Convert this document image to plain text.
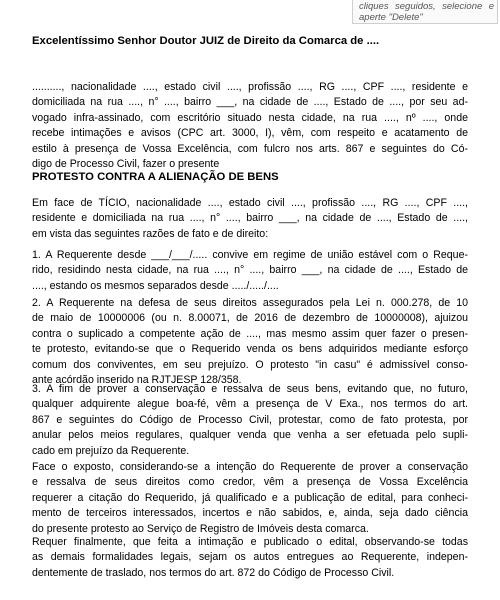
cliques seguidos, selecione e aperte "Delete"
Excelentíssimo Senhor Doutor JUIZ de Direito da Comarca de ....

.........., nacionalidade ...., estado civil ...., profissão ...., RG ...., CPF ...., residente e
domiciliada na rua ...., n° ...., bairro ___, na cidade de ...., Estado de ...., por seu ad-
vogado infra-assinado, com escritório situado nesta cidade, na rua ...., nº ...., onde
recebe intimações e avisos (CPC art. 3000, I), vêm, com respeito e acatamento de
estilo à presença de Vossa Excelência, com fulcro nos arts. 867 e seguintes do Có-
digo de Processo Civil, fazer o presente

PROTESTO CONTRA A ALIENAÇÃO DE BENS

Em face de TÍCIO, nacionalidade ...., estado civil ...., profissão ...., RG ...., CPF ....,
residente e domiciliada na rua ...., n° ...., bairro ___, na cidade de ...., Estado de ....,
em vista das seguintes razões de fato e de direito:

1. A Requerente desde ___/___/..... convive em regime de união estável com o Reque-
rido, residindo nesta cidade, na rua ...., n° ...., bairro ___, na cidade de ...., Estado de
...., estando os mesmos separados desde ...../...../....

2. A Requerente na defesa de seus direitos assegurados pela Lei n. 000.278, de 10
de maio de 10000006 (ou n. 8.00071, de 2016 de dezembro de 10000008), ajuizou
contra o suplicado a competente ação de ...., mas mesmo assim quer fazer o presen-
te protesto, evitando-se que o Requerido venda os bens adquiridos mediante esforço
comum dos conviventes, em seu prejuízo. O protesto "in casu" é admissível conso-
ante acórdão inserido na RJTJESP 128/358.

3. A fim de prover a conservação e ressalva de seus bens, evitando que, no futuro,
qualquer adquirente alegue boa-fé, vêm a presença de V Exa., nos termos do art.
867 e seguintes do Código de Processo Civil, protestar, como de fato protesta, por
anular pelos meios regulares, qualquer venda que venha a ser efetuada pelo supli-
cado em prejuízo da Requerente.

Face o exposto, considerando-se a intenção do Requerente de prover a conservação
e ressalva de seus direitos como credor, vêm a presença de Vossa Excelência
requerer a citação do Requerido, já qualificado e a publicação de edital, para conheci-
mento de terceiros interessados, incertos e não sabidos, e, ainda, seja dado ciência
do presente protesto ao Serviço de Registro de Imóveis desta comarca.

Requer finalmente, que feita a intimação e publicado o edital, observando-se todas
as demais formalidades legais, sejam os autos entregues ao Requerente, indepen-
dentemente de traslado, nos termos do art. 872 do Código de Processo Civil.
